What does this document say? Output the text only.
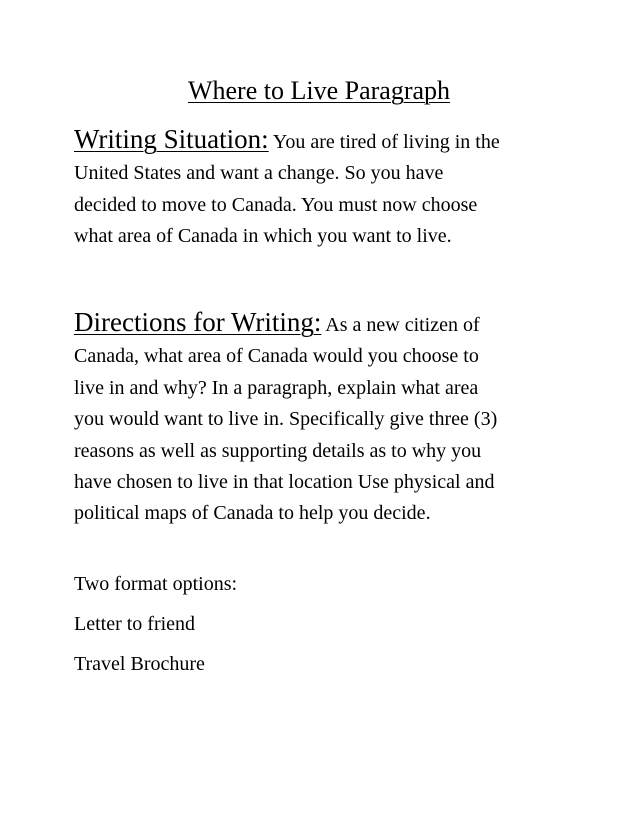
Where to Live Paragraph
Writing Situation: You are tired of living in the
United States and want a change. So you have
decided to move to Canada. You must now choose
what area of Canada in which you want to live.
Directions for Writing: As a new citizen of
Canada, what area of Canada would you choose to
live in and why? In a paragraph, explain what area
you would want to live in. Specifically give three (3)
reasons as well as supporting details as to why you
have chosen to live in that location Use physical and
political maps of Canada to help you decide.
Two format options:
Letter to friend
Travel Brochure
